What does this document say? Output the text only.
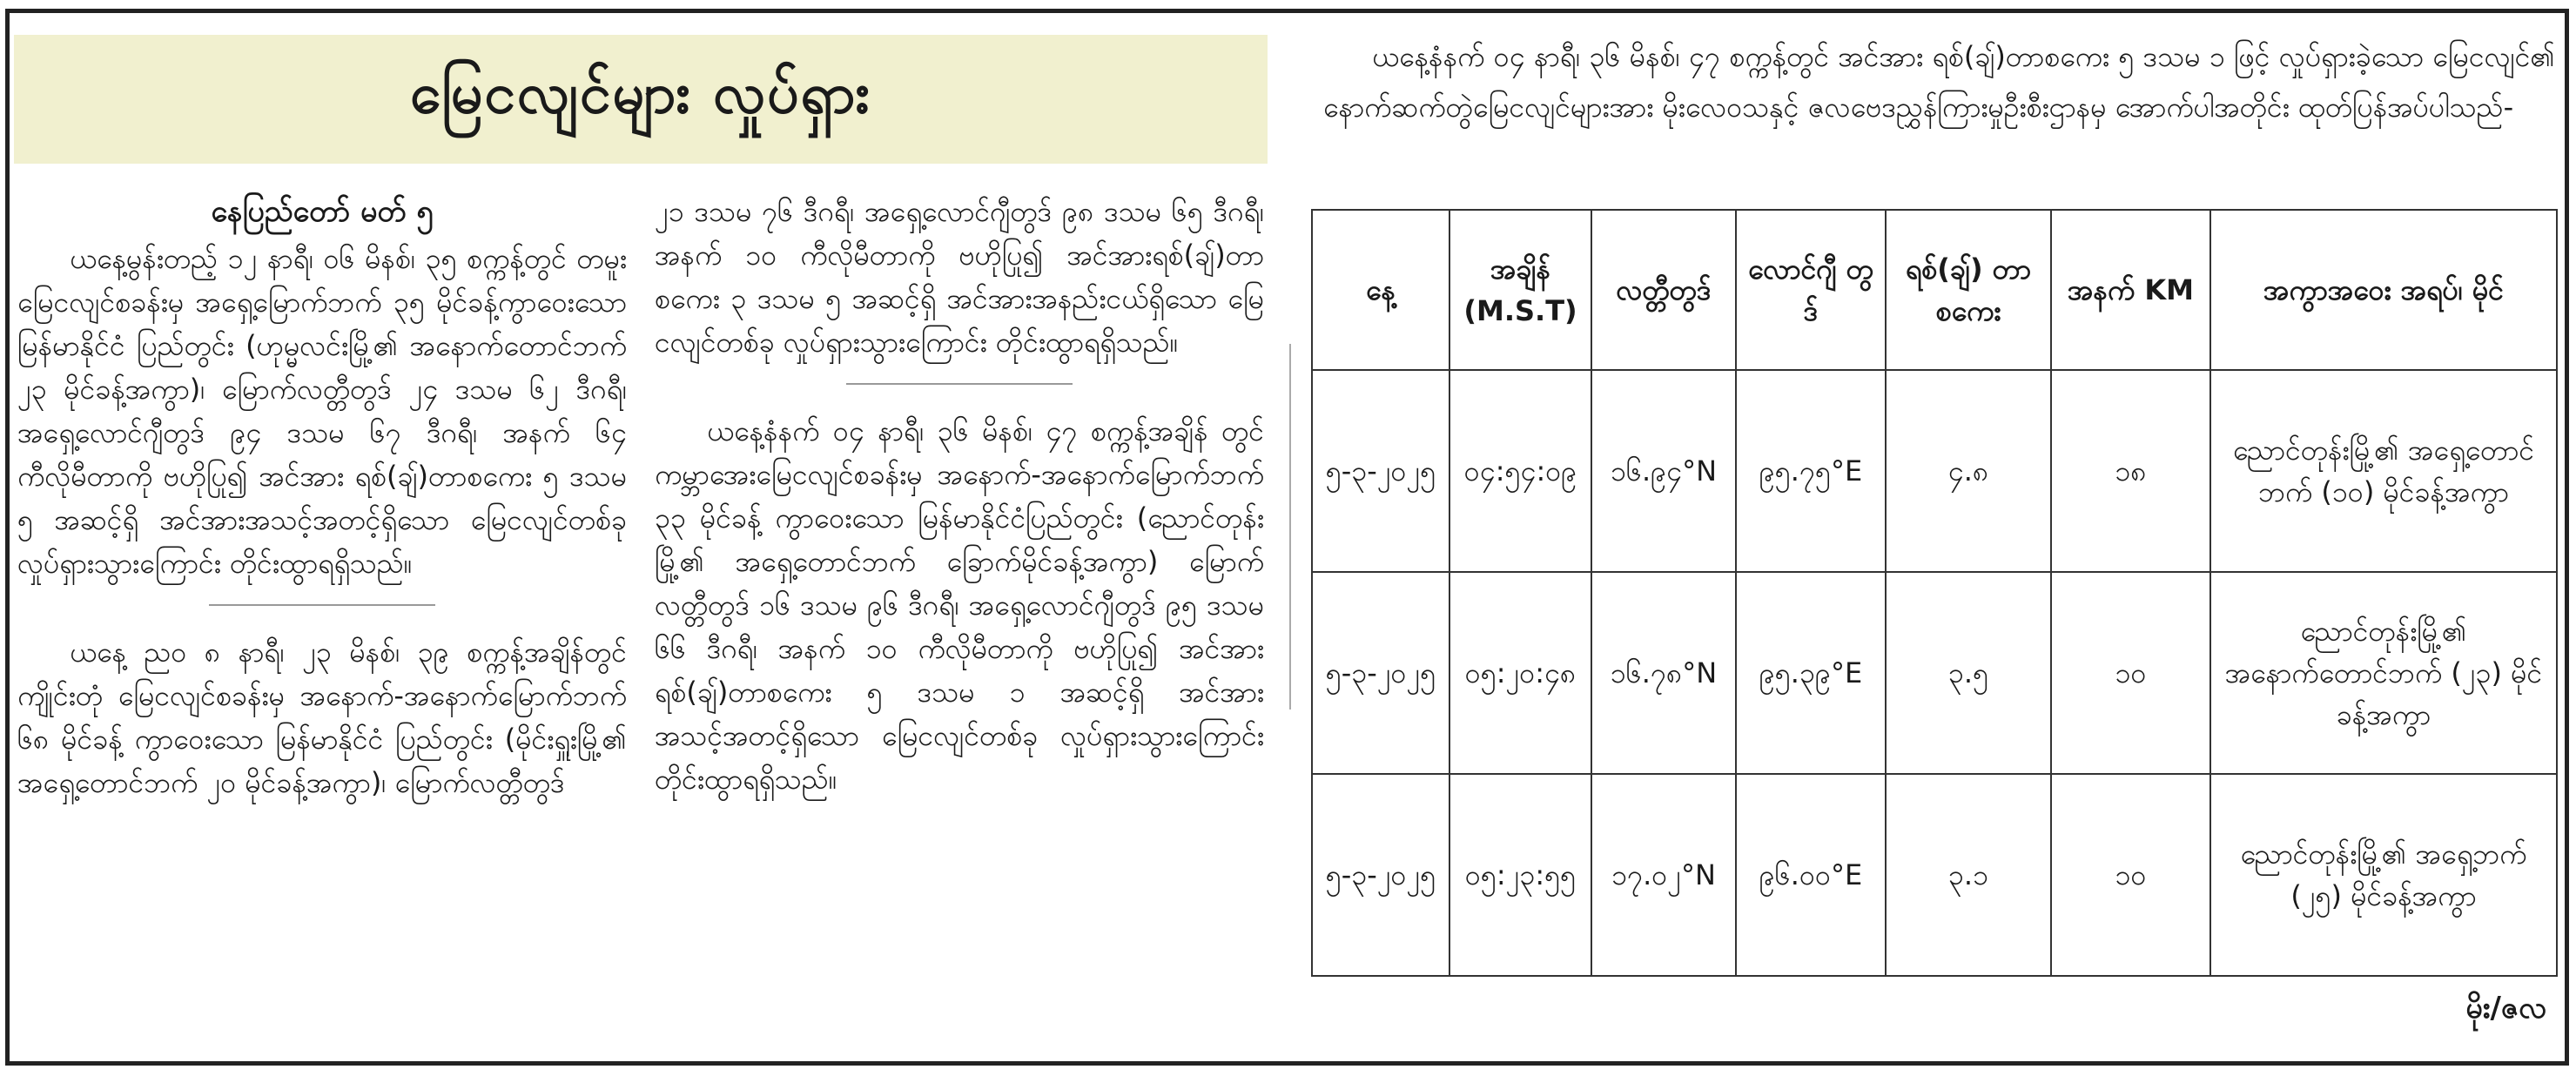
မြေငလျင်များ လှုပ်ရှား

နေပြည်တော် မတ် ၅

ယနေ့မွန်းတည့် ၁၂ နာရီ၊ ၀၆ မိနစ်၊ ၃၅ စက္ကန့်တွင် တမူးမြေငလျင်စခန်းမှ အရှေ့မြောက်ဘက် ၃၅ မိုင်ခန့်ကွာဝေးသော မြန်မာနိုင်ငံ ပြည်တွင်း (ဟုမ္မလင်းမြို့၏ အနောက်တောင်ဘက် ၂၃ မိုင်ခန့်အကွာ)၊ မြောက်လတ္တီတွဒ် ၂၄ ဒသမ ၆၂ ဒီဂရီ၊ အရှေ့လောင်ဂျီတွဒ် ၉၄ ဒသမ ၆၇ ဒီဂရီ၊ အနက် ၆၄ ကီလိုမီတာကို ဗဟိုပြု၍ အင်အား ရစ်(ချ်)တာစကေး ၅ ဒသမ ၅ အဆင့်ရှိ အင်အားအသင့်အတင့်ရှိသော မြေငလျင်တစ်ခု လှုပ်ရှားသွားကြောင်း တိုင်းထွာရရှိသည်။

ယနေ့ ညဝ ၈ နာရီ၊ ၂၃ မိနစ်၊ ၃၉ စက္ကန့်အချိန်တွင် ကျိုင်းတုံ မြေငလျင်စခန်းမှ အနောက်-အနောက်မြောက်ဘက် ၆၈ မိုင်ခန့် ကွာဝေးသော မြန်မာနိုင်ငံ ပြည်တွင်း (မိုင်းရှူးမြို့၏ အရှေ့တောင်ဘက် ၂၀ မိုင်ခန့်အကွာ)၊ မြောက်လတ္တီတွဒ်

၂၁ ဒသမ ၇၆ ဒီဂရီ၊ အရှေ့လောင်ဂျီတွဒ် ၉၈ ဒသမ ၆၅ ဒီဂရီ၊ အနက် ၁၀ ကီလိုမီတာကို ဗဟိုပြု၍ အင်အားရစ်(ချ်)တာစကေး ၃ ဒသမ ၅ အဆင့်ရှိ အင်အားအနည်းငယ်ရှိသော မြေငလျင်တစ်ခု လှုပ်ရှားသွားကြောင်း တိုင်းထွာရရှိသည်။

ယနေ့နံနက် ၀၄ နာရီ၊ ၃၆ မိနစ်၊ ၄၇ စက္ကန့်အချိန် တွင် ကမ္ဘာအေးမြေငလျင်စခန်းမှ အနောက်-အနောက်မြောက်ဘက် ၃၃ မိုင်ခန့် ကွာဝေးသော မြန်မာနိုင်ငံပြည်တွင်း (ညောင်တုန်းမြို့၏ အရှေ့တောင်ဘက် ခြောက်မိုင်ခန့်အကွာ) မြောက်လတ္တီတွဒ် ၁၆ ဒသမ ၉၆ ဒီဂရီ၊ အရှေ့လောင်ဂျီတွဒ် ၉၅ ဒသမ ၆၆ ဒီဂရီ၊ အနက် ၁၀ ကီလိုမီတာကို ဗဟိုပြု၍ အင်အားရစ်(ချ်)တာစကေး ၅ ဒသမ ၁ အဆင့်ရှိ အင်အားအသင့်အတင့်ရှိသော မြေငလျင်တစ်ခု လှုပ်ရှားသွားကြောင်း တိုင်းထွာရရှိသည်။

ယနေ့နံနက် ၀၄ နာရီ၊ ၃၆ မိနစ်၊ ၄၇ စက္ကန့်တွင် အင်အား ရစ်(ချ်)တာစကေး ၅ ဒသမ ၁ ဖြင့် လှုပ်ရှားခဲ့သော မြေငလျင်၏ နောက်ဆက်တွဲမြေငလျင်များအား မိုးလေဝသနှင့် ဇလဗေဒညွှန်ကြားမှုဦးစီးဌာနမှ အောက်ပါအတိုင်း ထုတ်ပြန်အပ်ပါသည်-
နေ့	အချိန် (M.S.T)	လတ္တီတွဒ်	လောင်ဂျီ တွဒ်	ရစ်(ချ်) တာစကေး	အနက် KM	အကွာအဝေး အရပ်၊ မိုင်
၅-၃-၂၀၂၅	၀၄:၅၄:၀၉	၁၆.၉၄°N	၉၅.၇၅°E	၄.၈	၁၈	ညောင်တုန်းမြို့၏ အရှေ့တောင်ဘက် (၁၀) မိုင်ခန့်အကွာ
၅-၃-၂၀၂၅	၀၅:၂၀:၄၈	၁၆.၇၈°N	၉၅.၃၉°E	၃.၅	၁၀	ညောင်တုန်းမြို့၏ အနောက်တောင်ဘက် (၂၃) မိုင်ခန့်အကွာ
၅-၃-၂၀၂၅	၀၅:၂၃:၅၅	၁၇.၀၂°N	၉၆.၀၀°E	၃.၁	၁၀	ညောင်တုန်းမြို့၏ အရှေ့ဘက် (၂၅) မိုင်ခန့်အကွာ
မိုး/ဇလ
